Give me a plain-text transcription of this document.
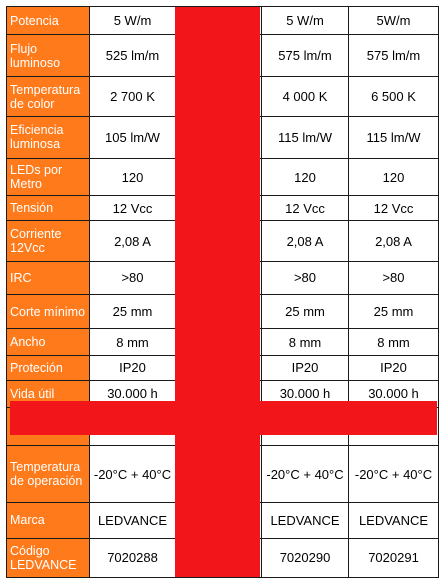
Potencia	5 W/m		5 W/m	5W/m
Flujo luminoso	525 lm/m		575 lm/m	575 lm/m
Temperatura de color	2 700 K		4 000 K	6 500 K
Eficiencia luminosa	105 lm/W		115 lm/W	115 lm/W
LEDs por Metro	120		120	120
Tensión	12 Vcc		12 Vcc	12 Vcc
Corriente 12Vcc	2,08 A		2,08 A	2,08 A
IRC	>80		>80	>80
Corte mínimo	25 mm		25 mm	25 mm
Ancho	8 mm		8 mm	8 mm
Proteción	IP20		IP20	IP20
Vida útil	30.000 h		30.000 h	30.000 h

Temperatura de operación	-20°C + 40°C		-20°C + 40°C	-20°C + 40°C
Marca	LEDVANCE		LEDVANCE	LEDVANCE
Código LEDVANCE	7020288		7020290	7020291
